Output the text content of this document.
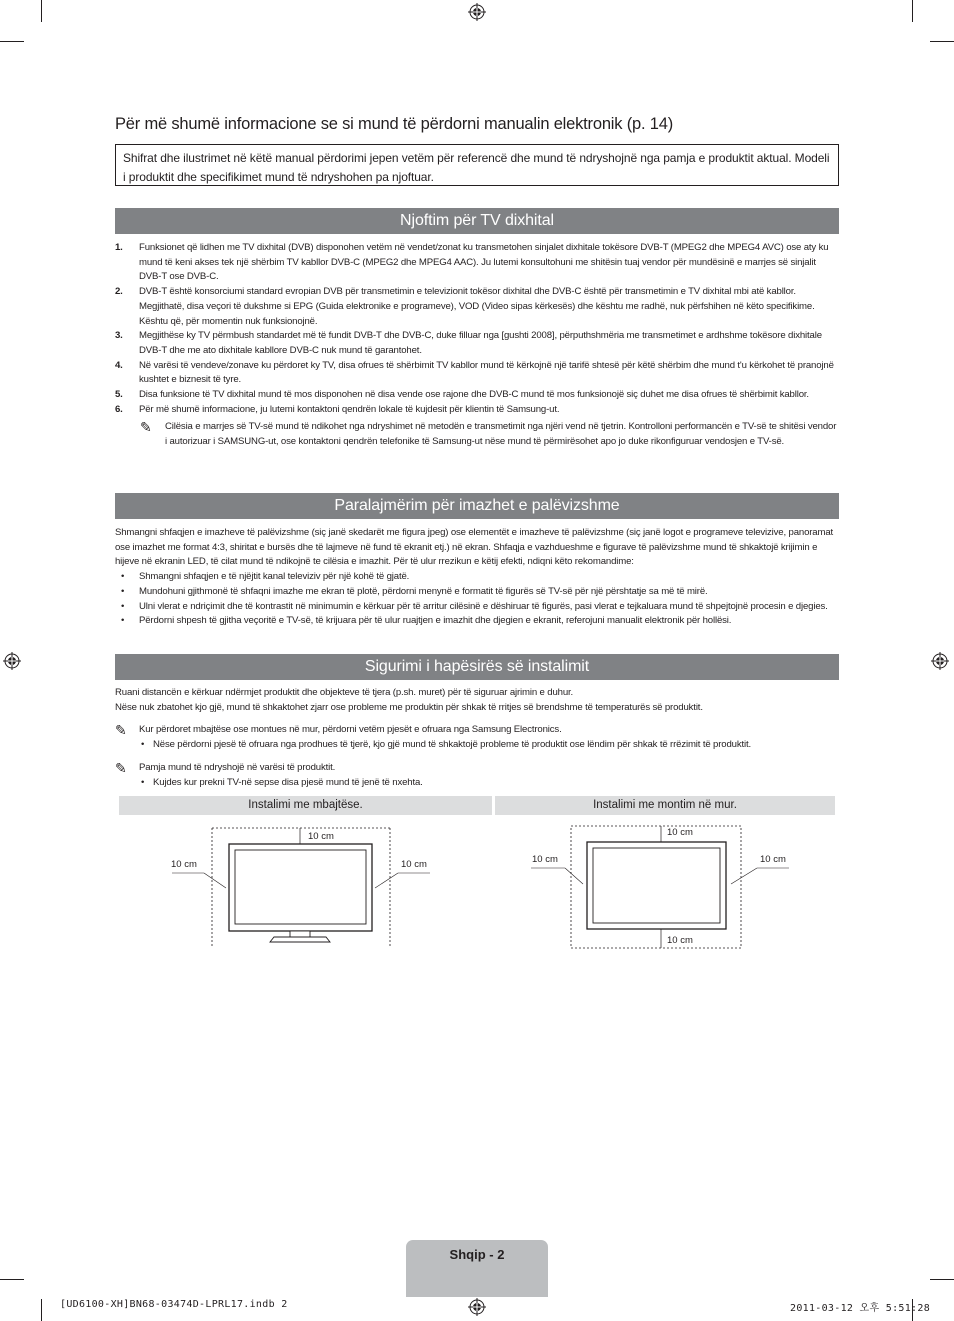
Për më shumë informacione se si mund të përdorni manualin elektronik (p. 14)
Shifrat dhe ilustrimet në këtë manual përdorimi jepen vetëm për referencë dhe mund të ndryshojnë nga pamja e produktit aktual. Modeli i produktit dhe specifikimet mund të ndryshohen pa njoftuar.
Njoftim për TV dixhital
1. Funksionet që lidhen me TV dixhital (DVB) disponohen vetëm në vendet/zonat ku transmetohen sinjalet dixhitale tokësore DVB-T (MPEG2 dhe MPEG4 AVC) ose aty ku mund të keni akses tek një shërbim TV kabllor DVB-C (MPEG2 dhe MPEG4 AAC). Ju lutemi konsultohuni me shitësin tuaj vendor për mundësinë e marrjes së sinjalit DVB-T ose DVB-C.
2. DVB-T është konsorciumi standard evropian DVB për transmetimin e televizionit tokësor dixhital dhe DVB-C është për transmetimin e TV dixhital mbi atë kabllor. Megjithatë, disa veçori të dukshme si EPG (Guida elektronike e programeve), VOD (Video sipas kërkesës) dhe kështu me radhë, nuk përfshihen në këto specifikime. Kështu që, për momentin nuk funksionojnë.
3. Megjithëse ky TV përmbush standardet më të fundit DVB-T dhe DVB-C, duke filluar nga [gushti 2008], përputhshmëria me transmetimet e ardhshme tokësore dixhitale DVB-T dhe me ato dixhitale kabllore DVB-C nuk mund të garantohet.
4. Në varësi të vendeve/zonave ku përdoret ky TV, disa ofrues të shërbimit TV kabllor mund të kërkojnë një tarifë shtesë për këtë shërbim dhe mund t'u kërkohet të pranojnë kushtet e biznesit të tyre.
5. Disa funksione të TV dixhital mund të mos disponohen në disa vende ose rajone dhe DVB-C mund të mos funksionojë siç duhet me disa ofrues të shërbimit kabllor.
6. Për më shumë informacione, ju lutemi kontaktoni qendrën lokale të kujdesit për klientin të Samsung-ut.
✎ Cilësia e marrjes së TV-së mund të ndikohet nga ndryshimet në metodën e transmetimit nga njëri vend në tjetrin. Kontrolloni performancën e TV-së te shitësi vendor i autorizuar i SAMSUNG-ut, ose kontaktoni qendrën telefonike të Samsung-ut nëse mund të përmirësohet apo jo duke rikonfiguruar vendosjen e TV-së.
Paralajmërim për imazhet e palëvizshme
Shmangni shfaqjen e imazheve të palëvizshme (siç janë skedarët me figura jpeg) ose elementët e imazheve të palëvizshme (siç janë logot e programeve televizive, panoramat ose imazhet me format 4:3, shiritat e bursës dhe të lajmeve në fund të ekranit etj.) në ekran. Shfaqja e vazhdueshme e figurave të palëvizshme mund të shkaktojë krijimin e hijeve në ekranin LED, të cilat mund të ndikojnë te cilësia e imazhit. Për të ulur rrezikun e këtij efekti, ndiqni këto rekomandime:
• Shmangni shfaqjen e të njëjtit kanal televiziv për një kohë të gjatë.
• Mundohuni gjithmonë të shfaqni imazhe me ekran të plotë, përdorni menynë e formatit të figurës së TV-së për një përshtatje sa më të mirë.
• Ulni vlerat e ndriçimit dhe të kontrastit në minimumin e kërkuar për të arritur cilësinë e dëshiruar të figurës, pasi vlerat e tejkaluara mund të shpejtojnë procesin e djegies.
• Përdorni shpesh të gjitha veçoritë e TV-së, të krijuara për të ulur ruajtjen e imazhit dhe djegien e ekranit, referojuni manualit elektronik për hollësi.
Sigurimi i hapësirës së instalimit
Ruani distancën e kërkuar ndërmjet produktit dhe objekteve të tjera (p.sh. muret) për të siguruar ajrimin e duhur.
Nëse nuk zbatohet kjo gjë, mund të shkaktohet zjarr ose probleme me produktin për shkak të rritjes së brendshme të temperaturës së produktit.
✎ Kur përdoret mbajtëse ose montues në mur, përdorni vetëm pjesët e ofruara nga Samsung Electronics.
• Nëse përdorni pjesë të ofruara nga prodhues të tjerë, kjo gjë mund të shkaktojë probleme të produktit ose lëndim për shkak të rrëzimit të produktit.
✎ Pamja mund të ndryshojë në varësi të produktit.
• Kujdes kur prekni TV-në sepse disa pjesë mund të jenë të nxehta.
Instalimi me mbajtëse.	Instalimi me montim në mur.
10 cm
10 cm	10 cm
10 cm
10 cm	10 cm
10 cm
Shqip - 2
[UD6100-XH]BN68-03474D-LPRL17.indb 2	2011-03-12 오후 5:51:28
